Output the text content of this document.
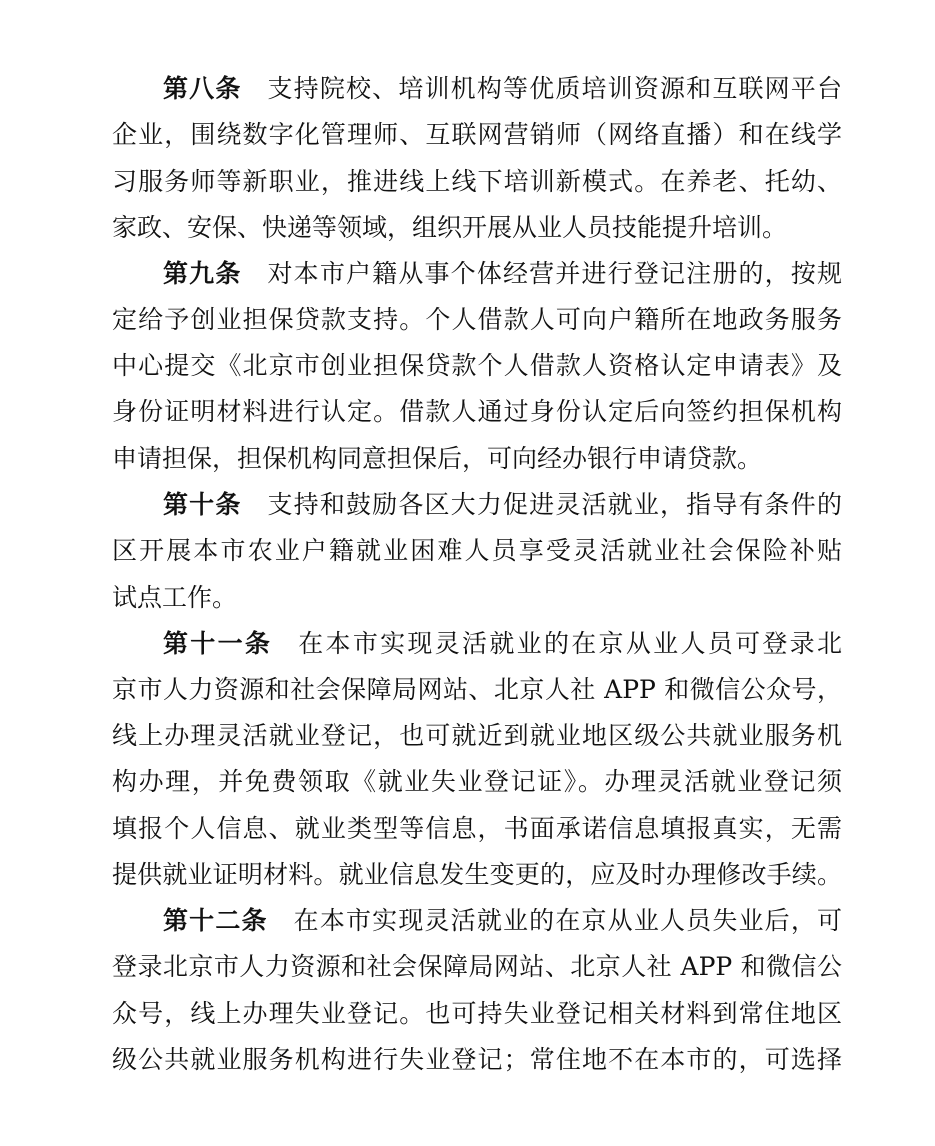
第八条 支持院校、培训机构等优质培训资源和互联网平台
企业，围绕数字化管理师、互联网营销师（网络直播）和在线学
习服务师等新职业，推进线上线下培训新模式。在养老、托幼、
家政、安保、快递等领域，组织开展从业人员技能提升培训。
第九条 对本市户籍从事个体经营并进行登记注册的，按规
定给予创业担保贷款支持。个人借款人可向户籍所在地政务服务
中心提交《北京市创业担保贷款个人借款人资格认定申请表》及
身份证明材料进行认定。借款人通过身份认定后向签约担保机构
申请担保，担保机构同意担保后，可向经办银行申请贷款。
第十条 支持和鼓励各区大力促进灵活就业，指导有条件的
区开展本市农业户籍就业困难人员享受灵活就业社会保险补贴
试点工作。
第十一条 在本市实现灵活就业的在京从业人员可登录北
京市人力资源和社会保障局网站、北京人社 APP 和微信公众号，
线上办理灵活就业登记，也可就近到就业地区级公共就业服务机
构办理，并免费领取《就业失业登记证》。办理灵活就业登记须
填报个人信息、就业类型等信息，书面承诺信息填报真实，无需
提供就业证明材料。就业信息发生变更的，应及时办理修改手续。
第十二条 在本市实现灵活就业的在京从业人员失业后，可
登录北京市人力资源和社会保障局网站、北京人社 APP 和微信公
众号，线上办理失业登记。也可持失业登记相关材料到常住地区
级公共就业服务机构进行失业登记；常住地不在本市的，可选择
